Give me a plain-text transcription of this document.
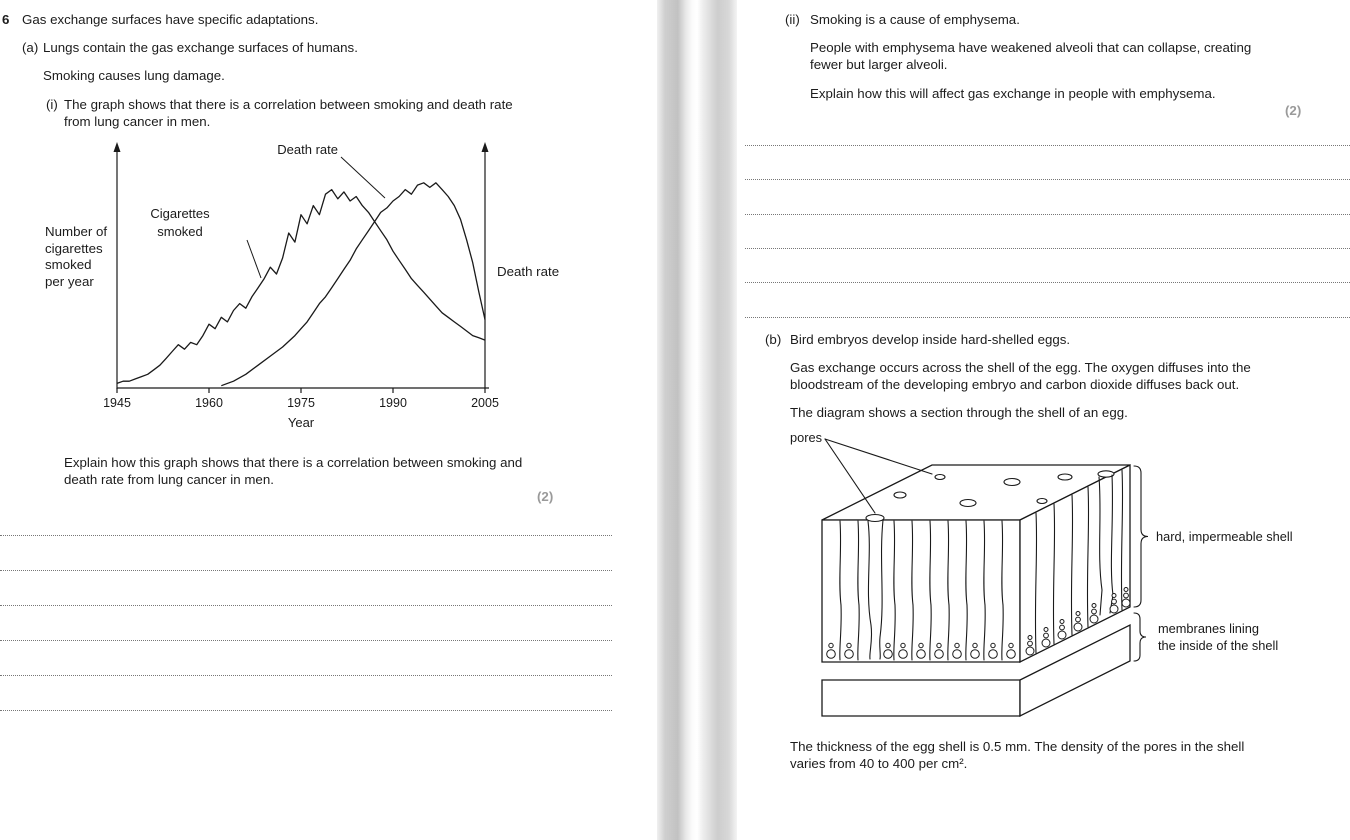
6 Gas exchange surfaces have specific adaptations.
(a) Lungs contain the gas exchange surfaces of humans.
Smoking causes lung damage.
(i) The graph shows that there is a correlation between smoking and death rate from lung cancer in men.
Number of
cigarettes
smoked
per year
Death rate
1945	1960	1975	1990	2005
Death rate
Cigarettes
smoked
Year
Explain how this graph shows that there is a correlation between smoking and death rate from lung cancer in men.
(2)
(ii) Smoking is a cause of emphysema.
People with emphysema have weakened alveoli that can collapse, creating fewer but larger alveoli.
Explain how this will affect gas exchange in people with emphysema.
(2)
(b) Bird embryos develop inside hard-shelled eggs.
Gas exchange occurs across the shell of the egg. The oxygen diffuses into the bloodstream of the developing embryo and carbon dioxide diffuses back out.
The diagram shows a section through the shell of an egg.
pores
hard, impermeable shell
membranes lining
the inside of the shell
The thickness of the egg shell is 0.5 mm. The density of the pores in the shell varies from 40 to 400 per cm².
